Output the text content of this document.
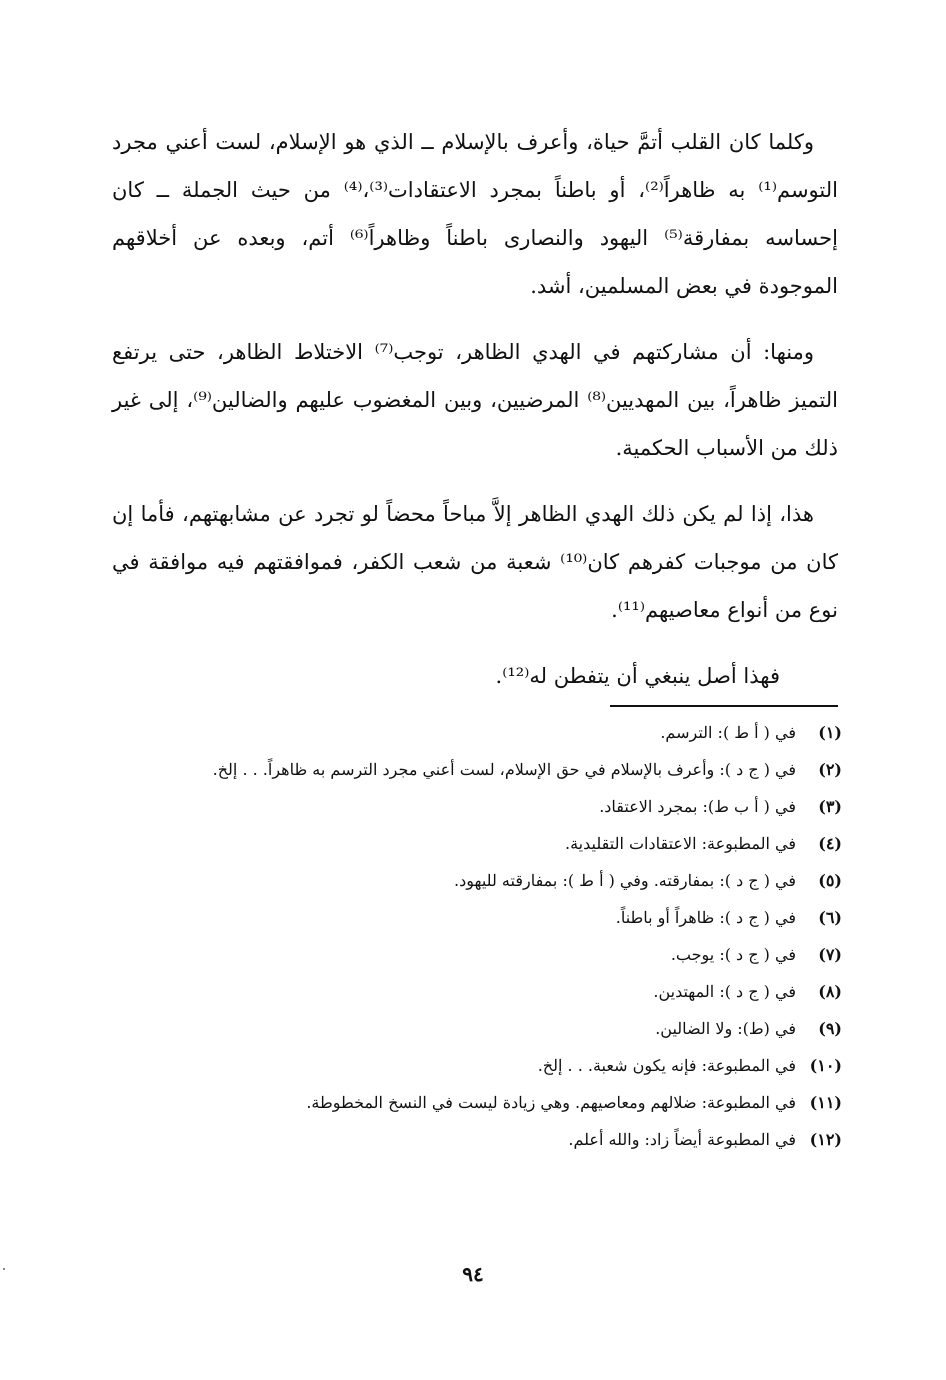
وكلما كان القلب أتمَّ حياة، وأعرف بالإسلام ــ الذي هو الإسلام، لست أعني مجرد التوسم⁽¹⁾ به ظاهراً⁽²⁾، أو باطناً بمجرد الاعتقادات⁽³⁾،⁽⁴⁾ من حيث الجملة ــ كان إحساسه بمفارقة⁽⁵⁾ اليهود والنصارى باطناً وظاهراً⁽⁶⁾ أتم، وبعده عن أخلاقهم الموجودة في بعض المسلمين، أشد.

ومنها: أن مشاركتهم في الهدي الظاهر، توجب⁽⁷⁾ الاختلاط الظاهر، حتى يرتفع التميز ظاهراً، بين المهديين⁽⁸⁾ المرضيين، وبين المغضوب عليهم والضالين⁽⁹⁾، إلى غير ذلك من الأسباب الحكمية.

هذا، إذا لم يكن ذلك الهدي الظاهر إلاَّ مباحاً محضاً لو تجرد عن مشابهتهم، فأما إن كان من موجبات كفرهم كان⁽¹⁰⁾ شعبة من شعب الكفر، فموافقتهم فيه موافقة في نوع من أنواع معاصيهم⁽¹¹⁾.

فهذا أصل ينبغي أن يتفطن له⁽¹²⁾.

(١)
في ( أ ط ): الترسم.
(٢)
في ( ج د ): وأعرف بالإسلام في حق الإسلام، لست أعني مجرد الترسم به ظاهراً. . . إلخ.
(٣)
في ( أ ب ط): بمجرد الاعتقاد.
(٤)
في المطبوعة: الاعتقادات التقليدية.
(٥)
في ( ج د ): بمفارقته. وفي ( أ ط ): بمفارقته لليهود.
(٦)
في ( ج د ): ظاهراً أو باطناً.
(٧)
في ( ج د ): يوجب.
(٨)
في ( ج د ): المهتدين.
(٩)
في (ط): ولا الضالين.
(١٠)
في المطبوعة: فإنه يكون شعبة. . . إلخ.
(١١)
في المطبوعة: ضلالهم ومعاصيهم. وهي زيادة ليست في النسخ المخطوطة.
(١٢)
في المطبوعة أيضاً زاد: والله أعلم.
٩٤
